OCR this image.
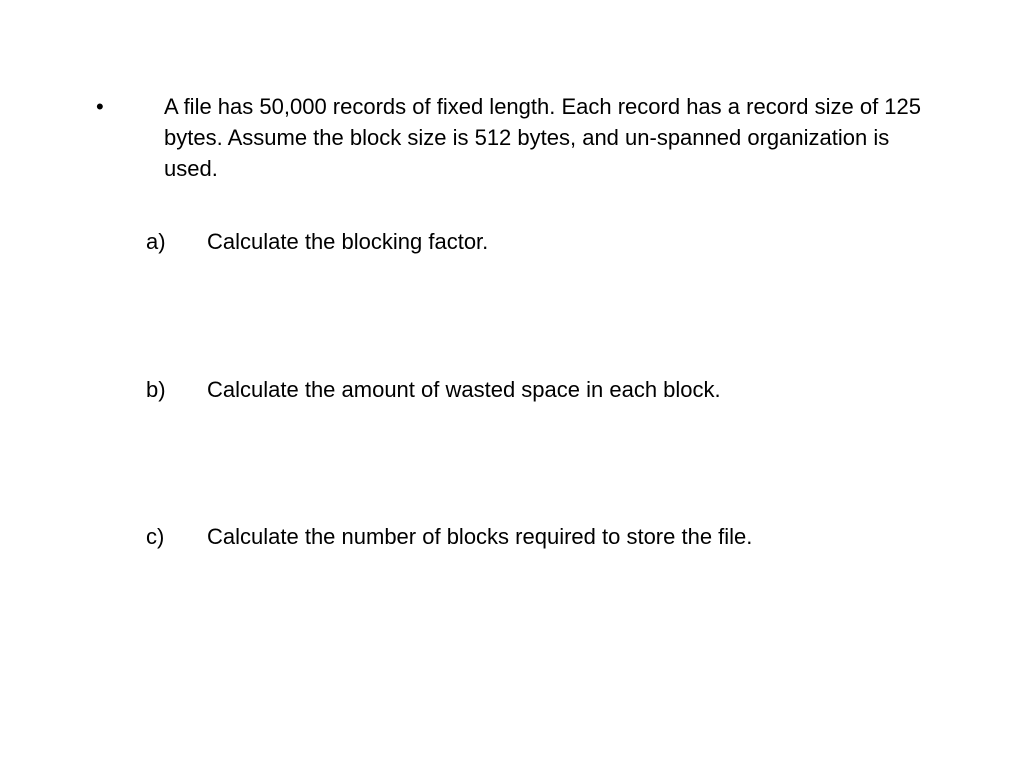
•	A file has 50,000 records of fixed length. Each record has a record size of 125 bytes. Assume the block size is 512 bytes, and un-spanned organization is used.
a) Calculate the blocking factor.
b) Calculate the amount of wasted space in each block.
c) Calculate the number of blocks required to store the file.
